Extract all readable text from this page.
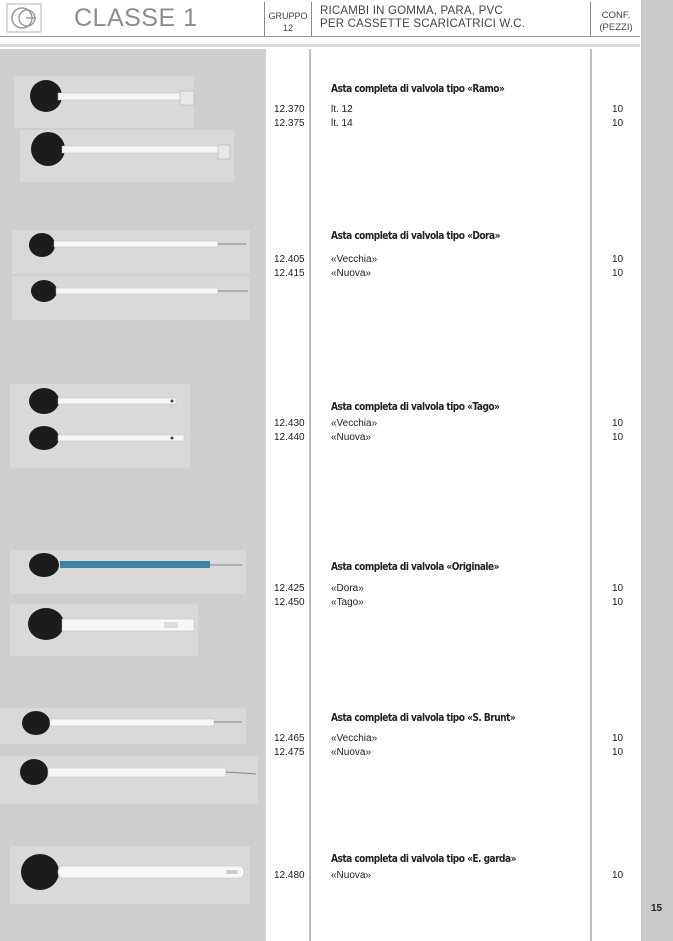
CLASSE 1	GRUPPO
12
RICAMBI IN GOMMA, PARA, PVC
PER CASSETTE SCARICATRICI W.C.
CONF.
(PEZZI)
Asta completa di valvola tipo «Ramo»
12.370	lt. 12	10
12.375	lt. 14	10
Asta completa di valvola tipo «Dora»
12.405	«Vecchia»	10
12.415	«Nuova»	10
Asta completa di valvola tipo «Tago»
12.430	«Vecchia»	10
12.440	«Nuova»	10
Asta completa di valvola «Originale»
12.425	«Dora»	10
12.450	«Tago»	10
Asta completa di valvola tipo «S. Brunt»
12.465	«Vecchia»	10
12.475	«Nuova»	10
Asta completa di valvola tipo «E. garda»
12.480	«Nuova»	10
15
